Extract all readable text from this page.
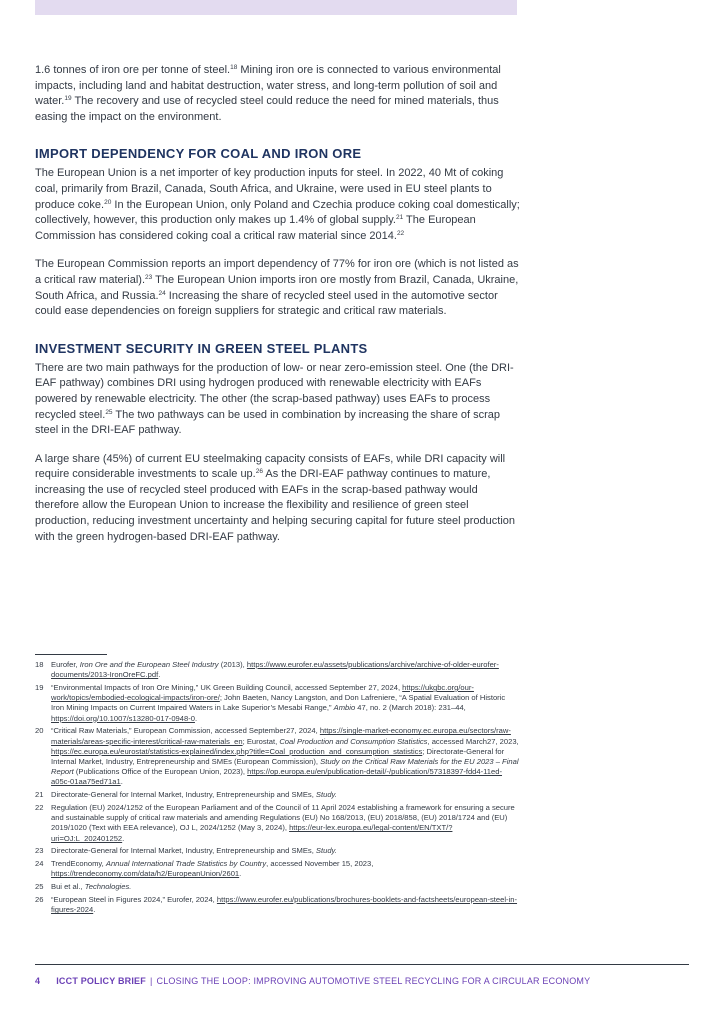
1.6 tonnes of iron ore per tonne of steel.$^{18}$ Mining iron ore is connected to various environmental impacts, including land and habitat destruction, water stress, and long-term pollution of soil and water.$^{19}$ The recovery and use of recycled steel could reduce the need for mined materials, thus easing the impact on the environment.

IMPORT DEPENDENCY FOR COAL AND IRON ORE

The European Union is a net importer of key production inputs for steel. In 2022, 40 Mt of coking coal, primarily from Brazil, Canada, South Africa, and Ukraine, were used in EU steel plants to produce coke.$^{20}$ In the European Union, only Poland and Czechia produce coking coal domestically; collectively, however, this production only makes up 1.4% of global supply.$^{21}$ The European Commission has considered coking coal a critical raw material since 2014.22

The European Commission reports an import dependency of 77% for iron ore (which is not listed as a critical raw material).$^{23}$ The European Union imports iron ore mostly from Brazil, Canada, Ukraine, South Africa, and Russia.$^{24}$ Increasing the share of recycled steel used in the automotive sector could ease dependencies on foreign suppliers for strategic and critical raw materials.

INVESTMENT SECURITY IN GREEN STEEL PLANTS

There are two main pathways for the production of low- or near zero-emission steel. One (the DRI-EAF pathway) combines DRI using hydrogen produced with renewable electricity with EAFs powered by renewable electricity. The other (the scrap-based pathway) uses EAFs to process recycled steel.$^{25}$ The two pathways can be used in combination by increasing the share of scrap steel in the DRI-EAF pathway.

A large share (45%) of current EU steelmaking capacity consists of EAFs, while DRI capacity will require considerable investments to scale up.$^{26}$ As the DRI-EAF pathway continues to mature, increasing the use of recycled steel produced with EAFs in the scrap-based pathway would therefore allow the European Union to increase the flexibility and resilience of green steel production, reducing investment uncertainty and helping securing capital for future steel production with the green hydrogen-based DRI-EAF pathway.

18 Eurofer, Iron Ore and the European Steel Industry (2013), https://www.eurofer.eu/assets/publications/archive/archive-of-older-eurofer-documents/2013-IronOreFC.pdf.
19 “Environmental Impacts of Iron Ore Mining,” UK Green Building Council, accessed September 27, 2024, https://ukgbc.org/our-work/topics/embodied-ecological-impacts/iron-ore/; John Baeten, Nancy Langston, and Don Lafreniere, “A Spatial Evaluation of Historic Iron Mining Impacts on Current Impaired Waters in Lake Superior’s Mesabi Range,” Ambio 47, no. 2 (March 2018): 231–44, https://doi.org/10.1007/s13280-017-0948-0.
20 “Critical Raw Materials,” European Commission, accessed September27, 2024, https://single-market-economy.ec.europa.eu/sectors/raw-materials/areas-specific-interest/critical-raw-materials_en; Eurostat, Coal Production and Consumption Statistics, accessed March27, 2023, https://ec.europa.eu/eurostat/statistics-explained/index.php?title=Coal_production_and_consumption_statistics; Directorate-General for Internal Market, Industry, Entrepreneurship and SMEs (European Commission), Study on the Critical Raw Materials for the EU 2023 – Final Report (Publications Office of the European Union, 2023), https://op.europa.eu/en/publication-detail/-/publication/57318397-fdd4-11ed-a05c-01aa75ed71a1.
21 Directorate-General for Internal Market, Industry, Entrepreneurship and SMEs, Study.
22 Regulation (EU) 2024/1252 of the European Parliament and of the Council of 11 April 2024 establishing a framework for ensuring a secure and sustainable supply of critical raw materials and amending Regulations (EU) No 168/2013, (EU) 2018/858, (EU) 2018/1724 and (EU) 2019/1020 (Text with EEA relevance), OJ L, 2024/1252 (May 3, 2024), https://eur-lex.europa.eu/legal-content/EN/TXT/?uri=OJ:L_202401252.
23 Directorate-General for Internal Market, Industry, Entrepreneurship and SMEs, Study.
24 TrendEconomy, Annual International Trade Statistics by Country, accessed November 15, 2023, https://trendeconomy.com/data/h2/EuropeanUnion/2601.
25 Bui et al., Technologies.
26 “European Steel in Figures 2024,” Eurofer, 2024, https://www.eurofer.eu/publications/brochures-booklets-and-factsheets/european-steel-in-figures-2024.
4 ICCT POLICY BRIEF | CLOSING THE LOOP: IMPROVING AUTOMOTIVE STEEL RECYCLING FOR A CIRCULAR ECONOMY
